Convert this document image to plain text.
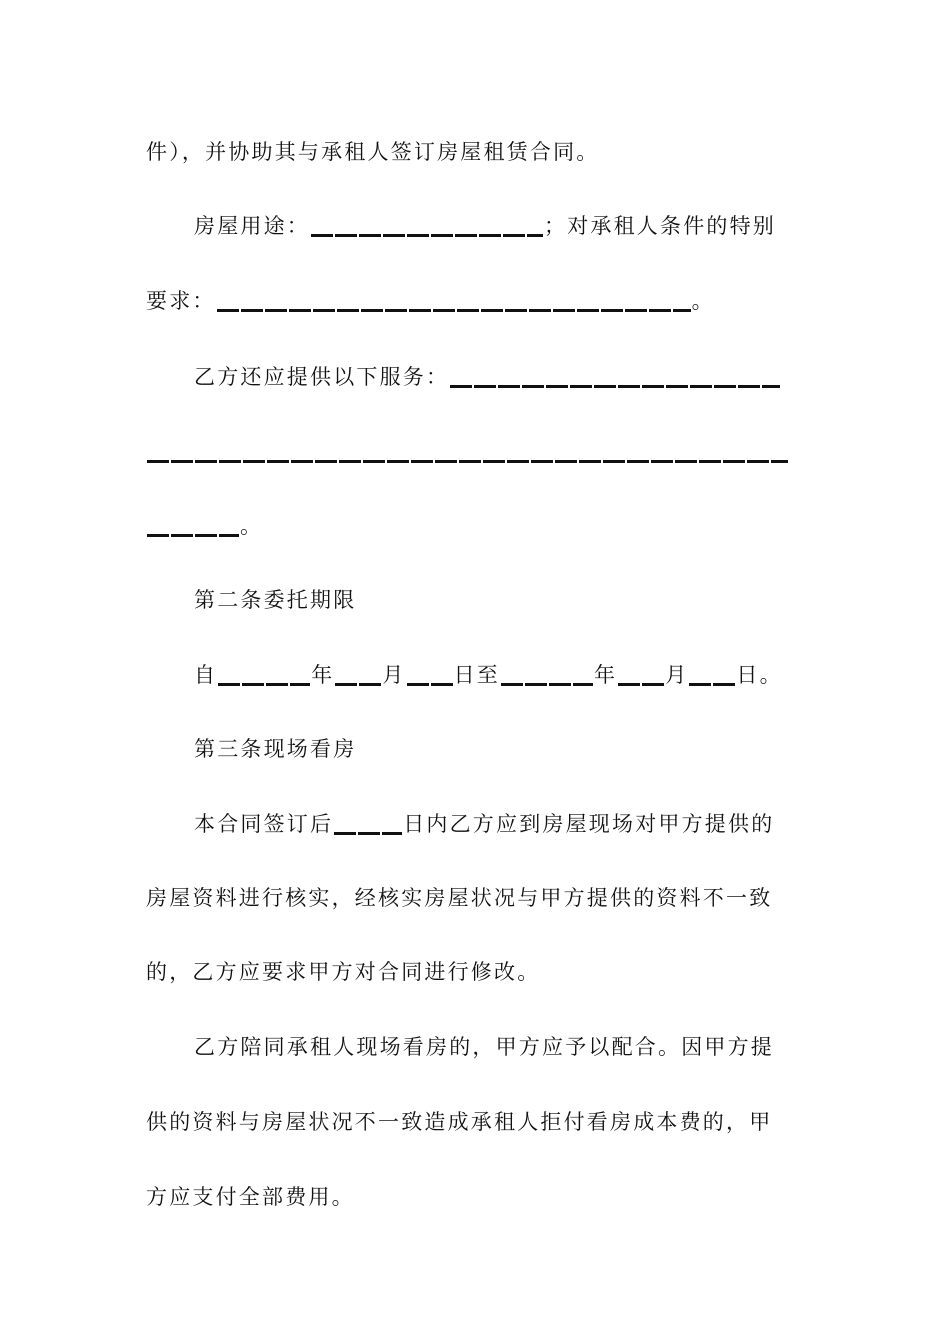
件），并协助其与承租人签订房屋租赁合同。
房屋用途：	；对承租人条件的特别
要求：	。
乙方还应提供以下服务：
。
第二条委托期限
自	年 月 日至	年 月 日。
第三条现场看房
本合同签订后	日内乙方应到房屋现场对甲方提供的
房屋资料进行核实，经核实房屋状况与甲方提供的资料不一致
的，乙方应要求甲方对合同进行修改。
乙方陪同承租人现场看房的，甲方应予以配合。因甲方提
供的资料与房屋状况不一致造成承租人拒付看房成本费的，甲
方应支付全部费用。
